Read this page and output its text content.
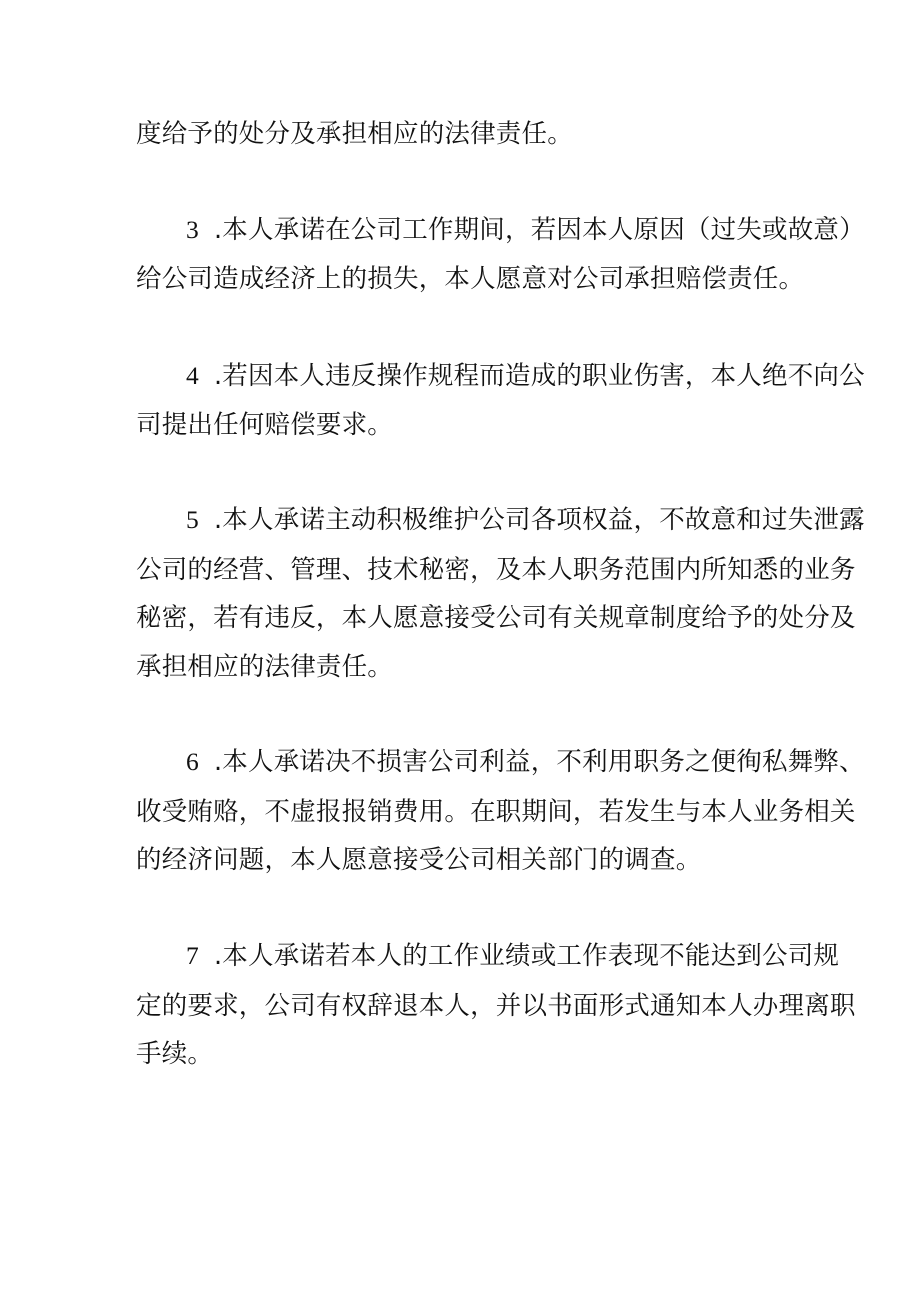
度给予的处分及承担相应的法律责任。
3 .本人承诺在公司工作期间，若因本人原因（过失或故意）
给公司造成经济上的损失，本人愿意对公司承担赔偿责任。
4 .若因本人违反操作规程而造成的职业伤害，本人绝不向公
司提出任何赔偿要求。
5 .本人承诺主动积极维护公司各项权益，不故意和过失泄露
公司的经营、管理、技术秘密，及本人职务范围内所知悉的业务
秘密，若有违反，本人愿意接受公司有关规章制度给予的处分及
承担相应的法律责任。
6 .本人承诺决不损害公司利益，不利用职务之便徇私舞弊、
收受贿赂，不虚报报销费用。在职期间，若发生与本人业务相关
的经济问题，本人愿意接受公司相关部门的调查。
7 .本人承诺若本人的工作业绩或工作表现不能达到公司规
定的要求，公司有权辞退本人，并以书面形式通知本人办理离职
手续。
